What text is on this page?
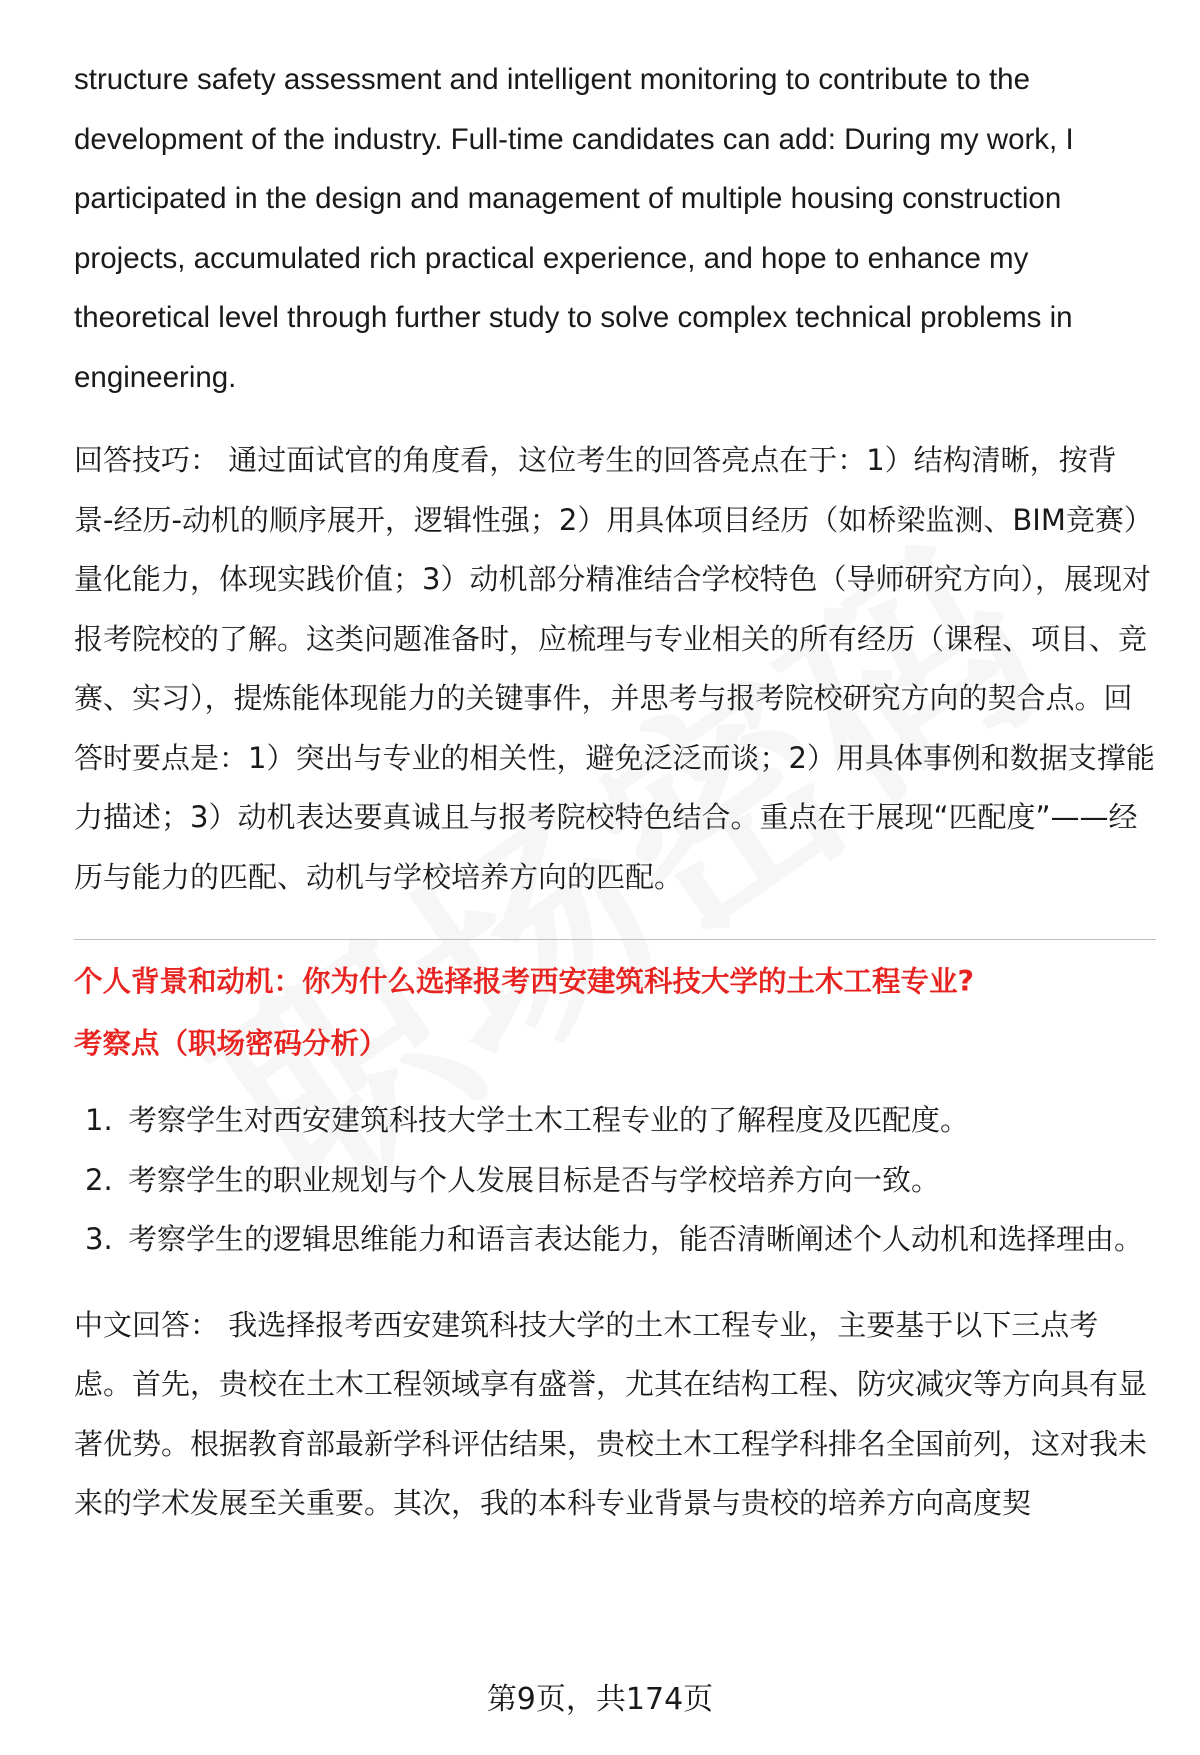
structure safety assessment and intelligent monitoring to contribute to the development of the industry. Full-time candidates can add: During my work, I participated in the design and management of multiple housing construction projects, accumulated rich practical experience, and hope to enhance my theoretical level through further study to solve complex technical problems in engineering.

回答技巧： 通过面试官的角度看，这位考生的回答亮点在于：1）结构清晰，按背景-经历-动机的顺序展开，逻辑性强；2）用具体项目经历（如桥梁监测、BIM竞赛）量化能力，体现实践价值；3）动机部分精准结合学校特色（导师研究方向），展现对报考院校的了解。这类问题准备时，应梳理与专业相关的所有经历（课程、项目、竞赛、实习），提炼能体现能力的关键事件，并思考与报考院校研究方向的契合点。回答时要点是：1）突出与专业的相关性，避免泛泛而谈；2）用具体事例和数据支撑能力描述；3）动机表达要真诚且与报考院校特色结合。重点在于展现“匹配度”——经历与能力的匹配、动机与学校培养方向的匹配。

个人背景和动机：你为什么选择报考西安建筑科技大学的土木工程专业?

考察点（职场密码分析）

1. 考察学生对西安建筑科技大学土木工程专业的了解程度及匹配度。
2. 考察学生的职业规划与个人发展目标是否与学校培养方向一致。
3. 考察学生的逻辑思维能力和语言表达能力，能否清晰阐述个人动机和选择理由。

中文回答： 我选择报考西安建筑科技大学的土木工程专业，主要基于以下三点考虑。首先，贵校在土木工程领域享有盛誉，尤其在结构工程、防灾减灾等方向具有显著优势。根据教育部最新学科评估结果，贵校土木工程学科排名全国前列，这对我未来的学术发展至关重要。其次，我的本科专业背景与贵校的培养方向高度契

第9页，共174页
